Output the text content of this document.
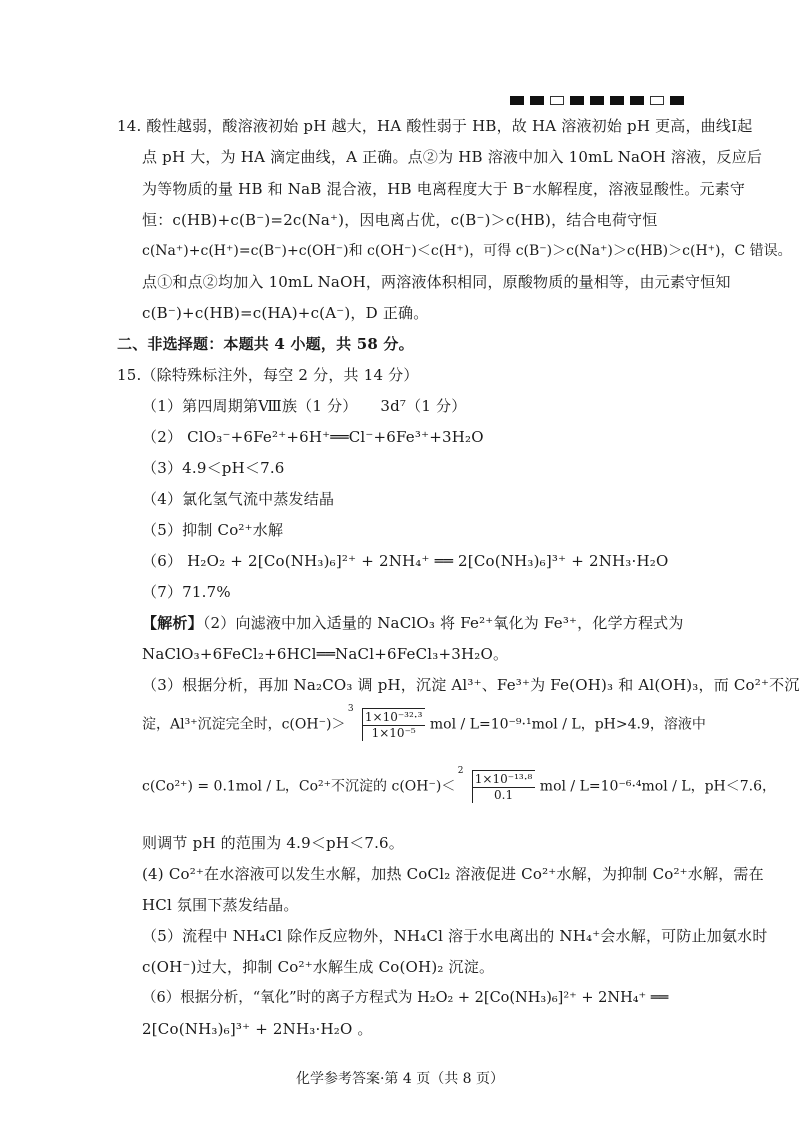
14. 酸性越弱，酸溶液初始 pH 越大，HA 酸性弱于 HB，故 HA 溶液初始 pH 更高，曲线Ⅰ起
点 pH 大，为 HA 滴定曲线，A 正确。点②为 HB 溶液中加入 10mL NaOH 溶液，反应后
为等物质的量 HB 和 NaB 混合液，HB 电离程度大于 B⁻水解程度，溶液显酸性。元素守
恒：c(HB)+c(B⁻)=2c(Na⁺)，因电离占优，c(B⁻)＞c(HB)，结合电荷守恒
c(Na⁺)+c(H⁺)=c(B⁻)+c(OH⁻)和 c(OH⁻)＜c(H⁺)，可得 c(B⁻)＞c(Na⁺)＞c(HB)＞c(H⁺)，C 错误。
点①和点②均加入 10mL NaOH，两溶液体积相同，原酸物质的量相等，由元素守恒知
c(B⁻)+c(HB)=c(HA)+c(A⁻)，D 正确。
二、非选择题：本题共 4 小题，共 58 分。
15.（除特殊标注外，每空 2 分，共 14 分）
（1）第四周期第Ⅷ族（1 分）　　3d⁷（1 分）
（2） ClO₃⁻+6Fe²⁺+6H⁺══Cl⁻+6Fe³⁺+3H₂O
（3）4.9＜pH＜7.6
（4）氯化氢气流中蒸发结晶
（5）抑制 Co²⁺水解
（6） H₂O₂ + 2[Co(NH₃)₆]²⁺ + 2NH₄⁺ ══ 2[Co(NH₃)₆]³⁺ + 2NH₃·H₂O
（7）71.7%
【解析】（2）向滤液中加入适量的 NaClO₃ 将 Fe²⁺氧化为 Fe³⁺，化学方程式为
NaClO₃+6FeCl₂+6HCl══NaCl+6FeCl₃+3H₂O。
（3）根据分析，再加 Na₂CO₃ 调 pH，沉淀 Al³⁺、Fe³⁺为 Fe(OH)₃ 和 Al(OH)₃，而 Co²⁺不沉
淀，Al³⁺沉淀完全时，c(OH⁻)＞
3
$\frac{\text{1×10⁻³²·³}}{\text{1×10⁻⁵}}$ mol / L=10⁻⁹·¹mol / L，pH>4.9，溶液中
c(Co²⁺) = 0.1mol / L，Co²⁺不沉淀的 c(OH⁻)＜
2
$\frac{\text{1×10⁻¹³·⁸}}{0.1}$ mol / L=10⁻⁶·⁴mol / L，pH＜7.6，
则调节 pH 的范围为 4.9＜pH＜7.6。
(4) Co²⁺在水溶液可以发生水解，加热 CoCl₂ 溶液促进 Co²⁺水解，为抑制 Co²⁺水解，需在
HCl 氛围下蒸发结晶。
（5）流程中 NH₄Cl 除作反应物外，NH₄Cl 溶于水电离出的 NH₄⁺会水解，可防止加氨水时
c(OH⁻)过大，抑制 Co²⁺水解生成 Co(OH)₂ 沉淀。
（6）根据分析，“氧化”时的离子方程式为 H₂O₂ + 2[Co(NH₃)₆]²⁺ + 2NH₄⁺ ══
2[Co(NH₃)₆]³⁺ + 2NH₃·H₂O 。
化学参考答案·第 4 页（共 8 页）
